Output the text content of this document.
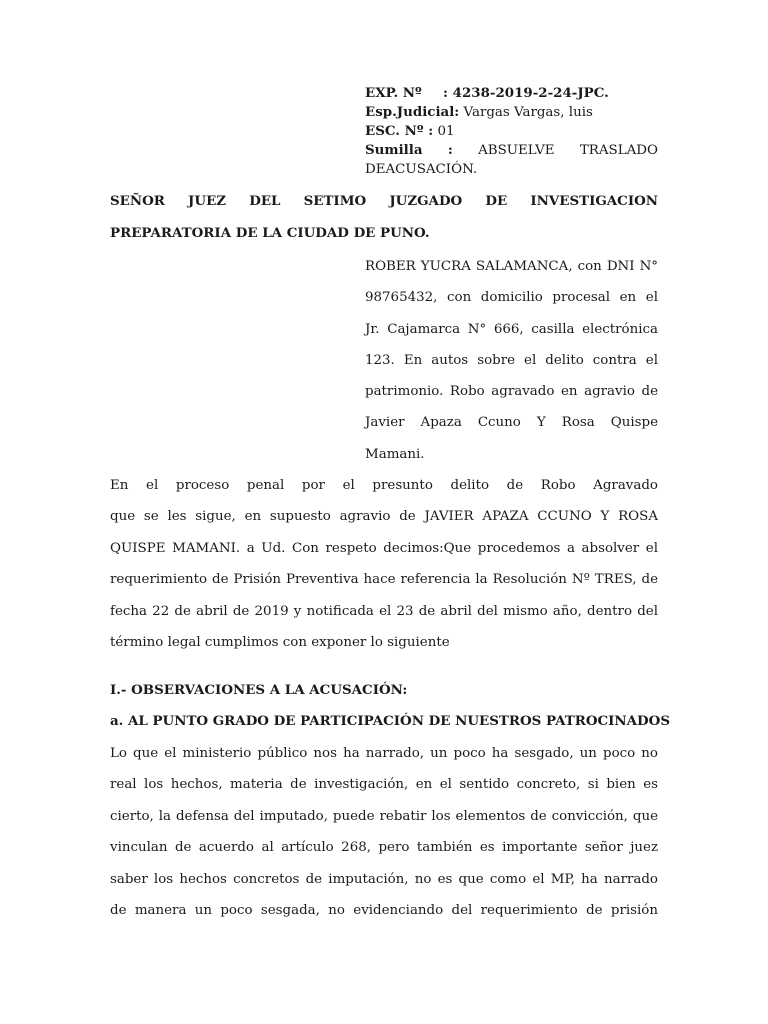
EXP. Nº : 4238-2019-2-24-JPC.
Esp.Judicial: Vargas Vargas, luis
ESC. Nº : 01
Sumilla : ABSUELVE TRASLADO
DEACUSACIÓN.
SEÑOR JUEZ DEL SETIMO JUZGADO DE INVESTIGACION
PREPARATORIA DE LA CIUDAD DE PUNO.
ROBER YUCRA SALAMANCA, con DNI N°
98765432, con domicilio procesal en el
Jr. Cajamarca N° 666, casilla electrónica
123. En autos sobre el delito contra el
patrimonio. Robo agravado en agravio de
Javier Apaza Ccuno Y Rosa Quispe
Mamani.
En el proceso penal por el presunto delito de Robo Agravado
que se les sigue, en supuesto agravio de JAVIER APAZA CCUNO Y ROSA
QUISPE MAMANI. a Ud. Con respeto decimos:Que procedemos a absolver el
requerimiento de Prisión Preventiva hace referencia la Resolución Nº TRES, de
fecha 22 de abril de 2019 y notificada el 23 de abril del mismo año, dentro del
término legal cumplimos con exponer lo siguiente
I.- OBSERVACIONES A LA ACUSACIÓN:
a. AL PUNTO GRADO DE PARTICIPACIÓN DE NUESTROS PATROCINADOS
Lo que el ministerio público nos ha narrado, un poco ha sesgado, un poco no
real los hechos, materia de investigación, en el sentido concreto, si bien es
cierto, la defensa del imputado, puede rebatir los elementos de convicción, que
vinculan de acuerdo al artículo 268, pero también es importante señor juez
saber los hechos concretos de imputación, no es que como el MP, ha narrado
de manera un poco sesgada, no evidenciando del requerimiento de prisión
